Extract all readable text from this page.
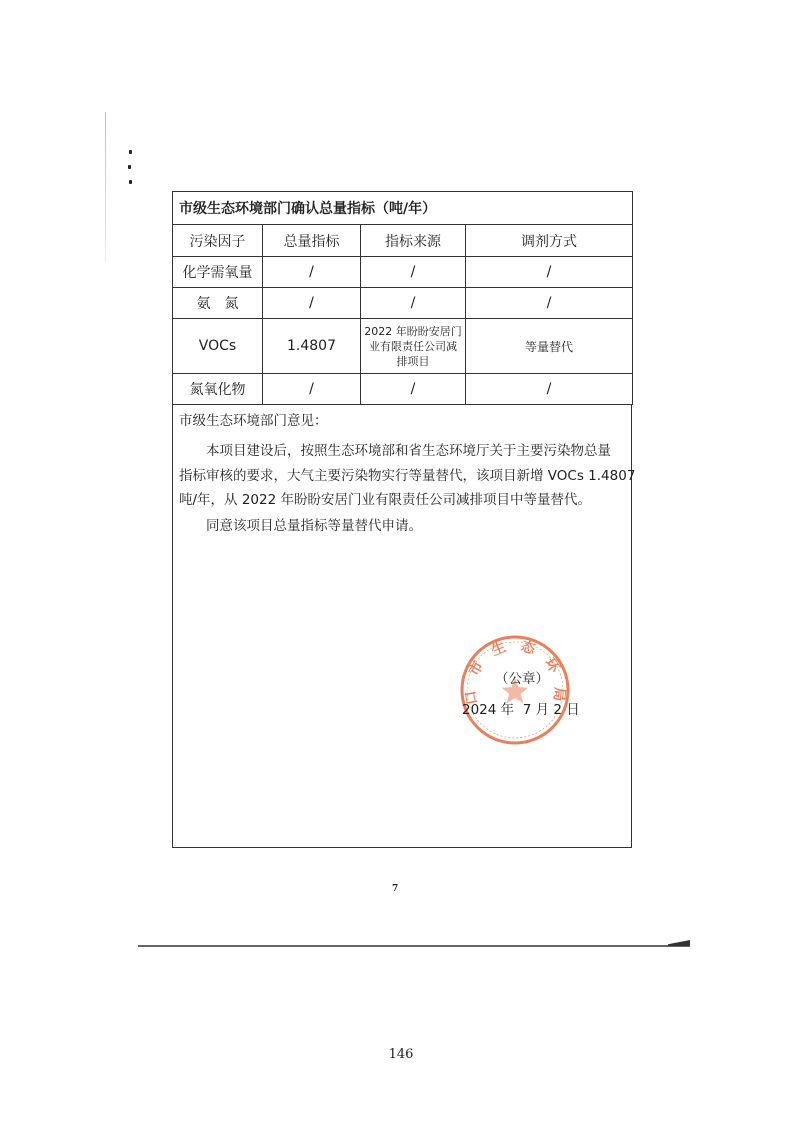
市级生态环境部门确认总量指标（吨/年）			
污染因子	总量指标	指标来源	调剂方式
化学需氧量	/	/	/
氨　氮	/	/	/
VOCs	1.4807	2022 年盼盼安居门
业有限责任公司减
排项目	等量替代
氮氧化物	/	/	/
市级生态环境部门意见：
本项目建设后，按照生态环境部和省生态环境厅关于主要污染物总量
指标审核的要求，大气主要污染物实行等量替代，该项目新增 VOCs 1.4807
吨/年，从 2022 年盼盼安居门业有限责任公司减排项目中等量替代。
同意该项目总量指标等量替代申请。
口市生态环局
（公章）
2024 年  7 月 2 日
7
146
